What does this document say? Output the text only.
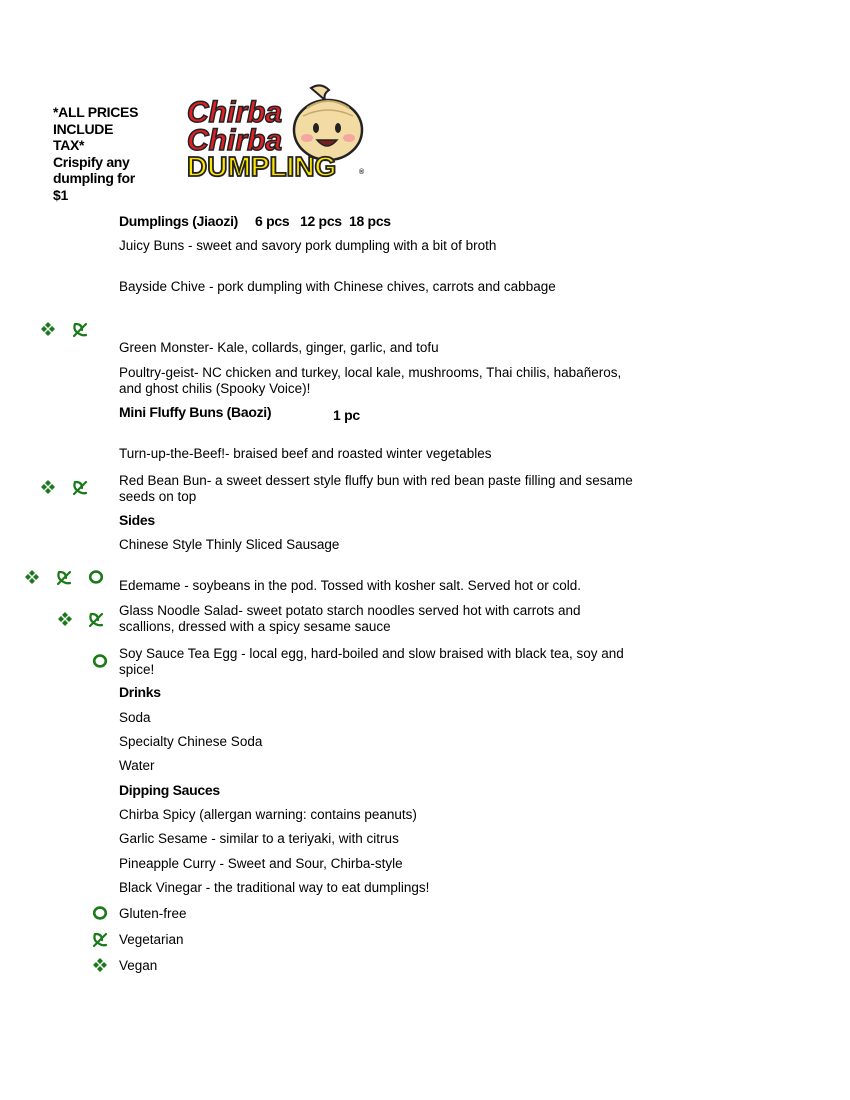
*ALL PRICES
INCLUDE
TAX*
Crispify any
dumpling for
$1
Chirba
Chirba
DUMPLING	®
Dumplings (Jiaozi) 6 pcs 12 pcs 18 pcs
Juicy Buns - sweet and savory pork dumpling with a bit of broth
Bayside Chive - pork dumpling with Chinese chives, carrots and cabbage
Green Monster- Kale, collards, ginger, garlic, and tofu
Poultry-geist- NC chicken and turkey, local kale, mushrooms, Thai chilis, habañeros, and ghost chilis (Spooky Voice)!
Mini Fluffy Buns (Baozi)	1 pc
Turn-up-the-Beef!- braised beef and roasted winter vegetables
Red Bean Bun- a sweet dessert style fluffy bun with red bean paste filling and sesame seeds on top
Sides
Chinese Style Thinly Sliced Sausage
Edemame - soybeans in the pod. Tossed with kosher salt. Served hot or cold.
Glass Noodle Salad- sweet potato starch noodles served hot with carrots and scallions, dressed with a spicy sesame sauce
Soy Sauce Tea Egg - local egg, hard-boiled and slow braised with black tea, soy and spice!
Drinks
Soda
Specialty Chinese Soda
Water
Dipping Sauces
Chirba Spicy (allergan warning: contains peanuts)
Garlic Sesame - similar to a teriyaki, with citrus
Pineapple Curry - Sweet and Sour, Chirba-style
Black Vinegar - the traditional way to eat dumplings!
Gluten-free
Vegetarian
Vegan
